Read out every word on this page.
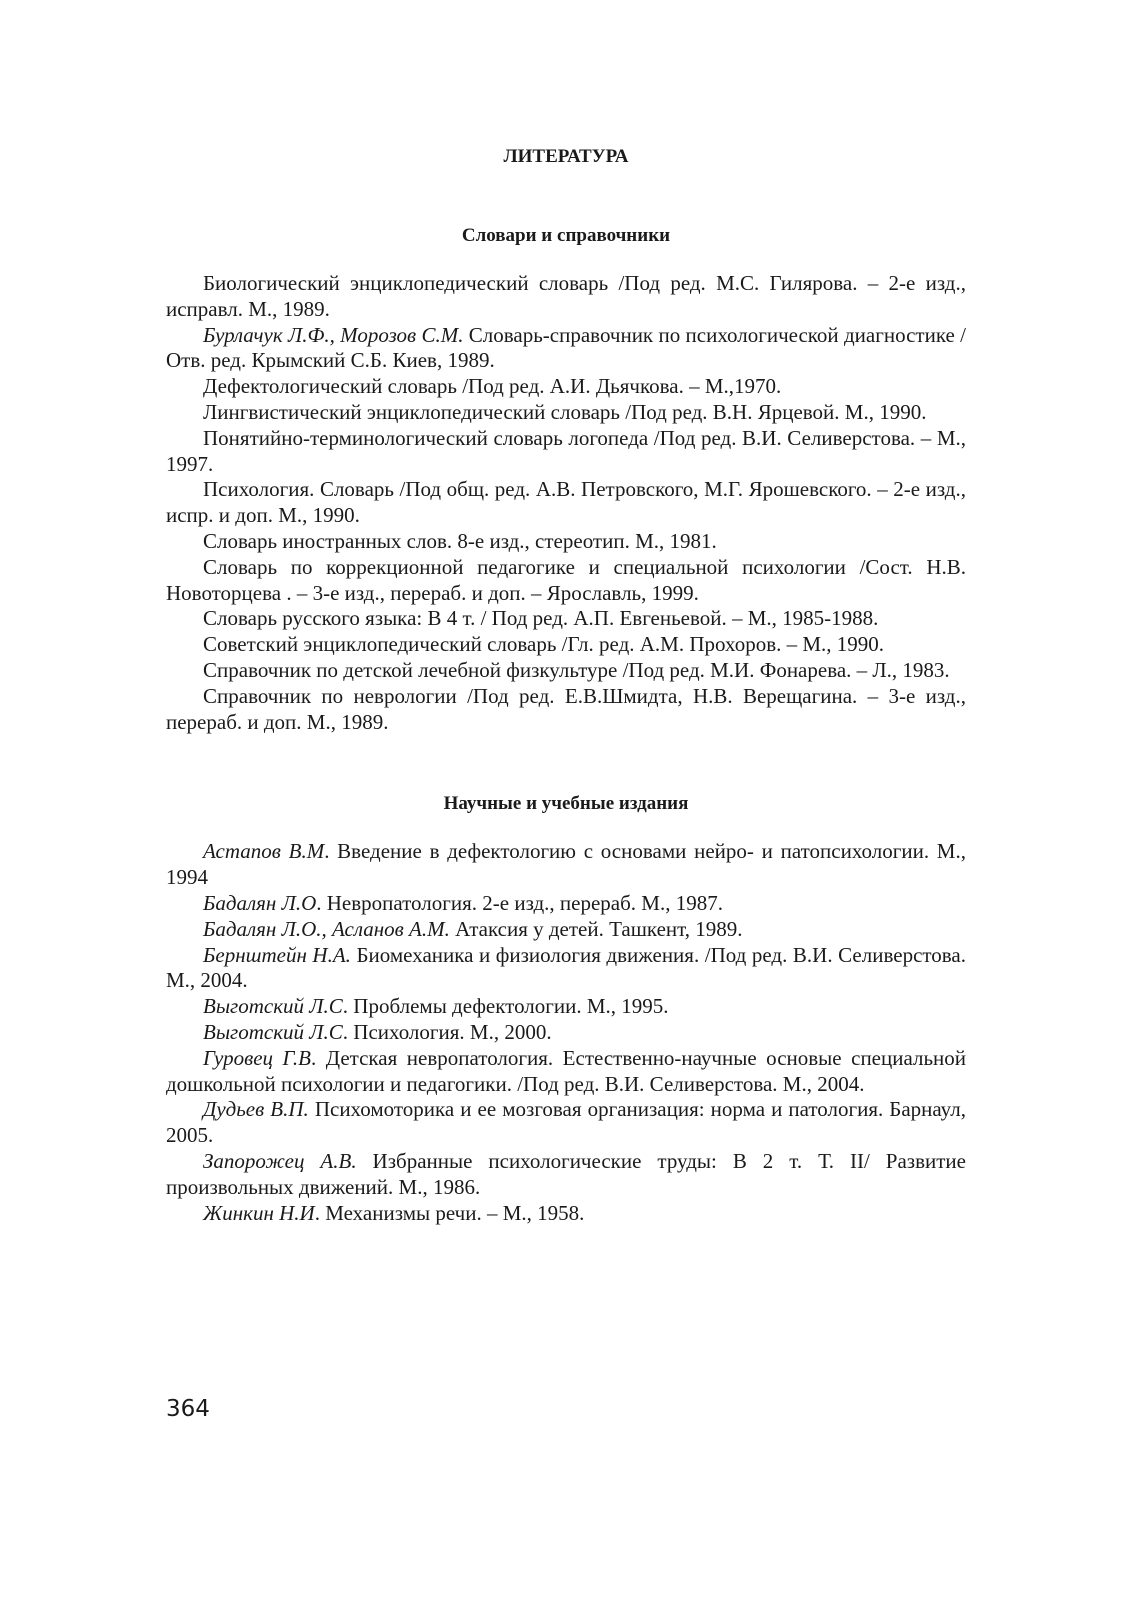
ЛИТЕРАТУРА
Словари и справочники

Биологический энциклопедический словарь /Под ред. М.С. Гилярова. – 2-е изд., исправл. М., 1989.

Бурлачук Л.Ф., Морозов С.М. Словарь-справочник по психологической диагностике /Отв. ред. Крымский С.Б. Киев, 1989.

Дефектологический словарь /Под ред. А.И. Дьячкова. – М.,1970.

Лингвистический энциклопедический словарь /Под ред. В.Н. Ярцевой. М., 1990.

Понятийно-терминологический словарь логопеда /Под ред. В.И. Селиверстова. – М., 1997.

Психология. Словарь /Под общ. ред. А.В. Петровского, М.Г. Ярошевского. – 2-е изд., испр. и доп. М., 1990.

Словарь иностранных слов. 8-е изд., стереотип. М., 1981.

Словарь по коррекционной педагогике и специальной психологии /Сост. Н.В. Новоторцева . – 3-е изд., перераб. и доп. – Ярославль, 1999.

Словарь русского языка: В 4 т. / Под ред. А.П. Евгеньевой. – М., 1985-1988.

Советский энциклопедический словарь /Гл. ред. А.М. Прохоров. – М., 1990.

Справочник по детской лечебной физкультуре /Под ред. М.И. Фонарева. – Л., 1983.

Справочник по неврологии /Под ред. Е.В.Шмидта, Н.В. Верещагина. – 3-е изд., перераб. и доп. М., 1989.

Научные и учебные издания

Астапов В.М. Введение в дефектологию с основами нейро- и патопсихологии. М., 1994

Бадалян Л.О. Невропатология. 2-е изд., перераб. М., 1987.

Бадалян Л.О., Асланов А.М. Атаксия у детей. Ташкент, 1989.

Бернштейн Н.А. Биомеханика и физиология движения. /Под ред. В.И. Селиверстова. М., 2004.

Выготский Л.С. Проблемы дефектологии. М., 1995.

Выготский Л.С. Психология. М., 2000.

Гуровец Г.В. Детская невропатология. Естественно-научные основые специальной дошкольной психологии и педагогики. /Под ред. В.И. Селиверстова. М., 2004.

Дудьев В.П. Психомоторика и ее мозговая организация: норма и патология. Барнаул, 2005.

Запорожец А.В. Избранные психологические труды: В 2 т. Т. II/ Развитие произвольных движений. М., 1986.

Жинкин Н.И. Механизмы речи. – М., 1958.

364
